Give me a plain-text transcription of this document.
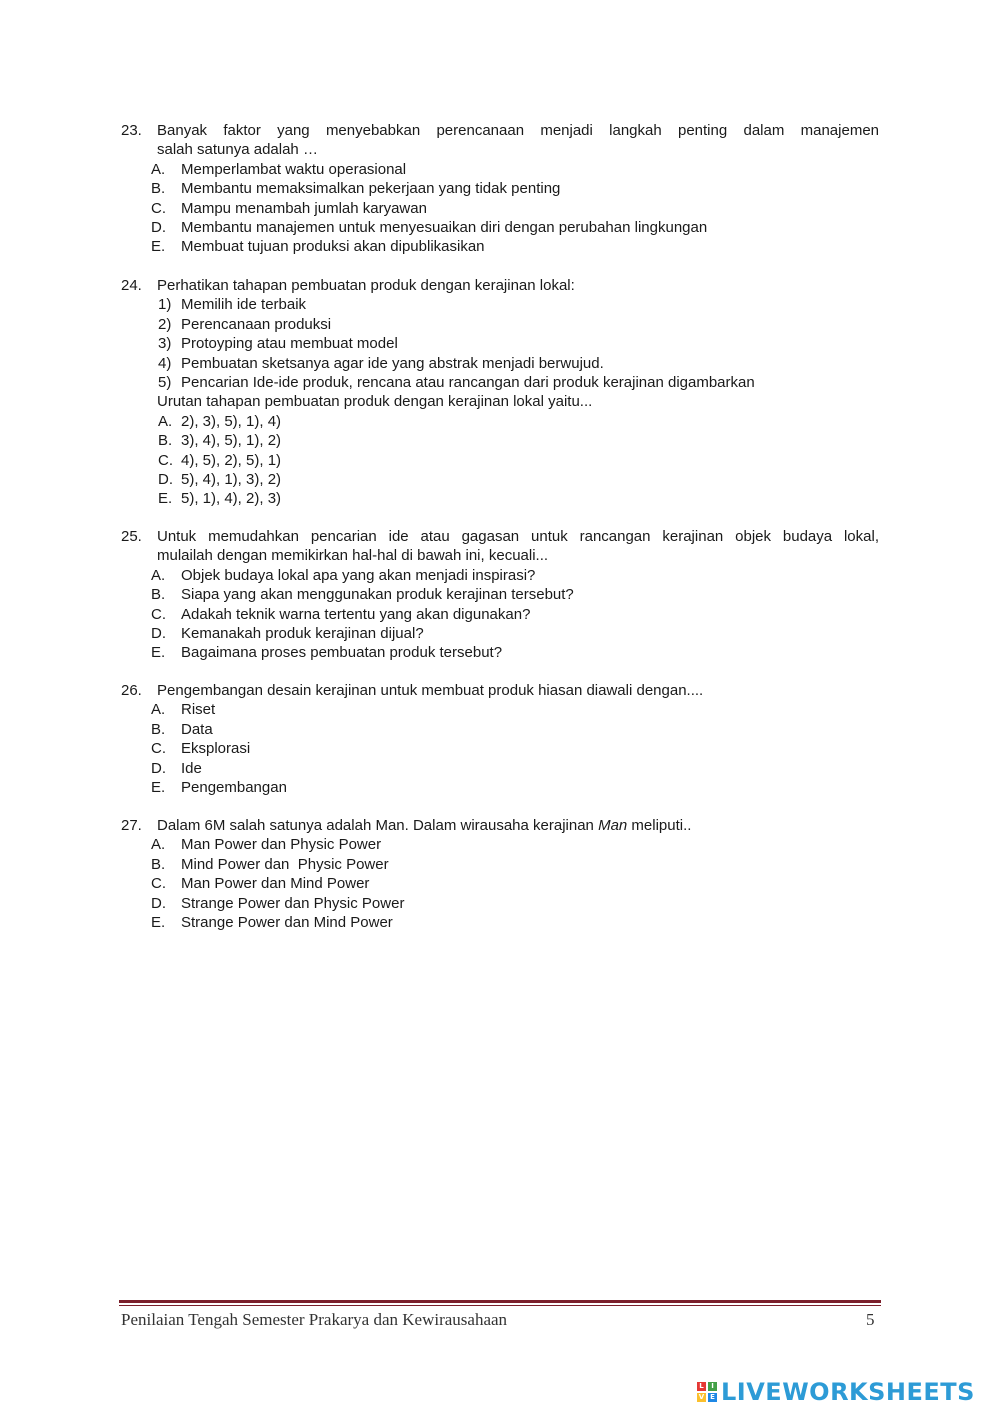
23.	Banyak faktor yang menyebabkan perencanaan menjadi langkah penting dalam manajemen
salah satunya adalah …
A.	Memperlambat waktu operasional
B.	Membantu memaksimalkan pekerjaan yang tidak penting
C.	Mampu menambah jumlah karyawan
D.	Membantu manajemen untuk menyesuaikan diri dengan perubahan lingkungan
E.	Membuat tujuan produksi akan dipublikasikan
24.	Perhatikan tahapan pembuatan produk dengan kerajinan lokal:
1) Memilih ide terbaik
2) Perencanaan produksi
3) Protoyping atau membuat model
4) Pembuatan sketsanya agar ide yang abstrak menjadi berwujud.
5) Pencarian Ide-ide produk, rencana atau rancangan dari produk kerajinan digambarkan
Urutan tahapan pembuatan produk dengan kerajinan lokal yaitu...
A. 2), 3), 5), 1), 4)
B. 3), 4), 5), 1), 2)
C. 4), 5), 2), 5), 1)
D. 5), 4), 1), 3), 2)
E. 5), 1), 4), 2), 3)
25.	Untuk memudahkan pencarian ide atau gagasan untuk rancangan kerajinan objek budaya lokal,
mulailah dengan memikirkan hal-hal di bawah ini, kecuali...
A.	Objek budaya lokal apa yang akan menjadi inspirasi?
B.	Siapa yang akan menggunakan produk kerajinan tersebut?
C.	Adakah teknik warna tertentu yang akan digunakan?
D.	Kemanakah produk kerajinan dijual?
E.	Bagaimana proses pembuatan produk tersebut?
26.	Pengembangan desain kerajinan untuk membuat produk hiasan diawali dengan....
A.	Riset
B.	Data
C.	Eksplorasi
D.	Ide
E.	Pengembangan
27.	Dalam 6M salah satunya adalah Man. Dalam wirausaha kerajinan Man meliputi..
A.	Man Power dan Physic Power
B.	Mind Power dan  Physic Power
C.	Man Power dan Mind Power
D.	Strange Power dan Physic Power
E.	Strange Power dan Mind Power
Penilaian Tengah Semester Prakarya dan Kewirausahaan	5
L	I
V E LIVEWORKSHEETS
